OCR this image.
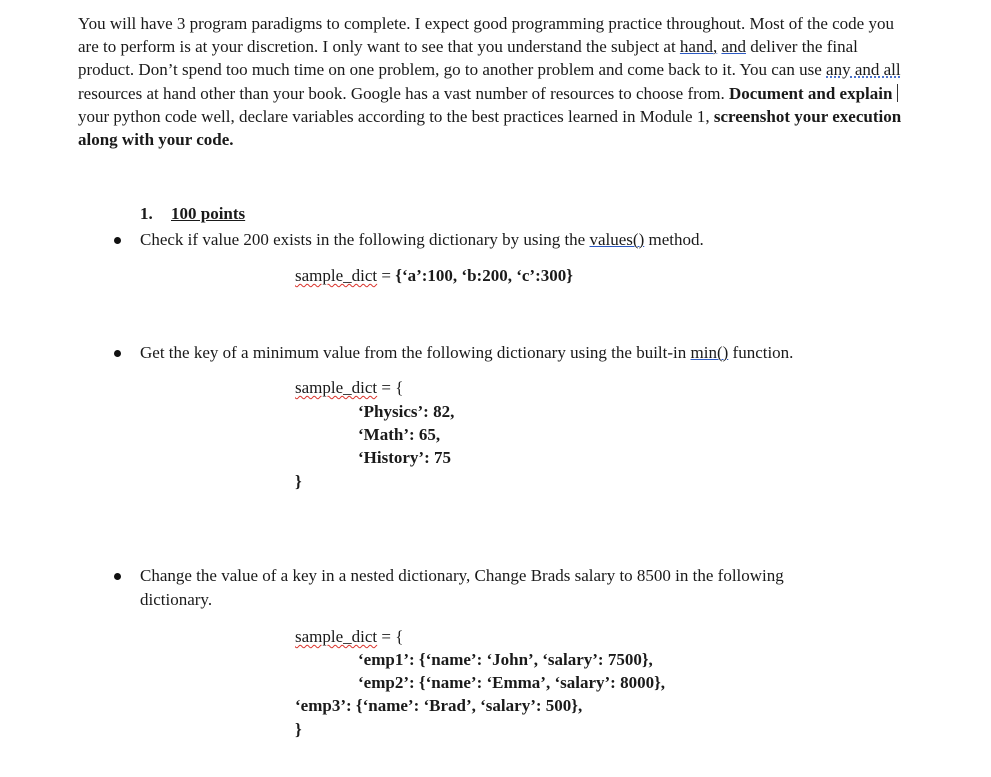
You will have 3 program paradigms to complete. I expect good programming practice throughout. Most of the code you are to perform is at your discretion. I only want to see that you understand the subject at hand, and deliver the final product. Don’t spend too much time on one problem, go to another problem and come back to it. You can use any and all resources at hand other than your book. Google has a vast number of resources to choose from. Document and explain your python code well, declare variables according to the best practices learned in Module 1, screenshot your execution along with your code.
1. 100 points
Check if value 200 exists in the following dictionary by using the values() method.
sample_dict = {‘a’:100, ‘b:200, ‘c’:300}
Get the key of a minimum value from the following dictionary using the built-in min() function.
sample_dict = {
‘Physics’: 82,
‘Math’: 65,
‘History’: 75
}
Change the value of a key in a nested dictionary, Change Brads salary to 8500 in the following dictionary.
sample_dict = {
‘emp1’: {‘name’: ‘John’, ‘salary’: 7500},
‘emp2’: {‘name’: ‘Emma’, ‘salary’: 8000},
‘emp3’: {‘name’: ‘Brad’, ‘salary’: 500},
}
